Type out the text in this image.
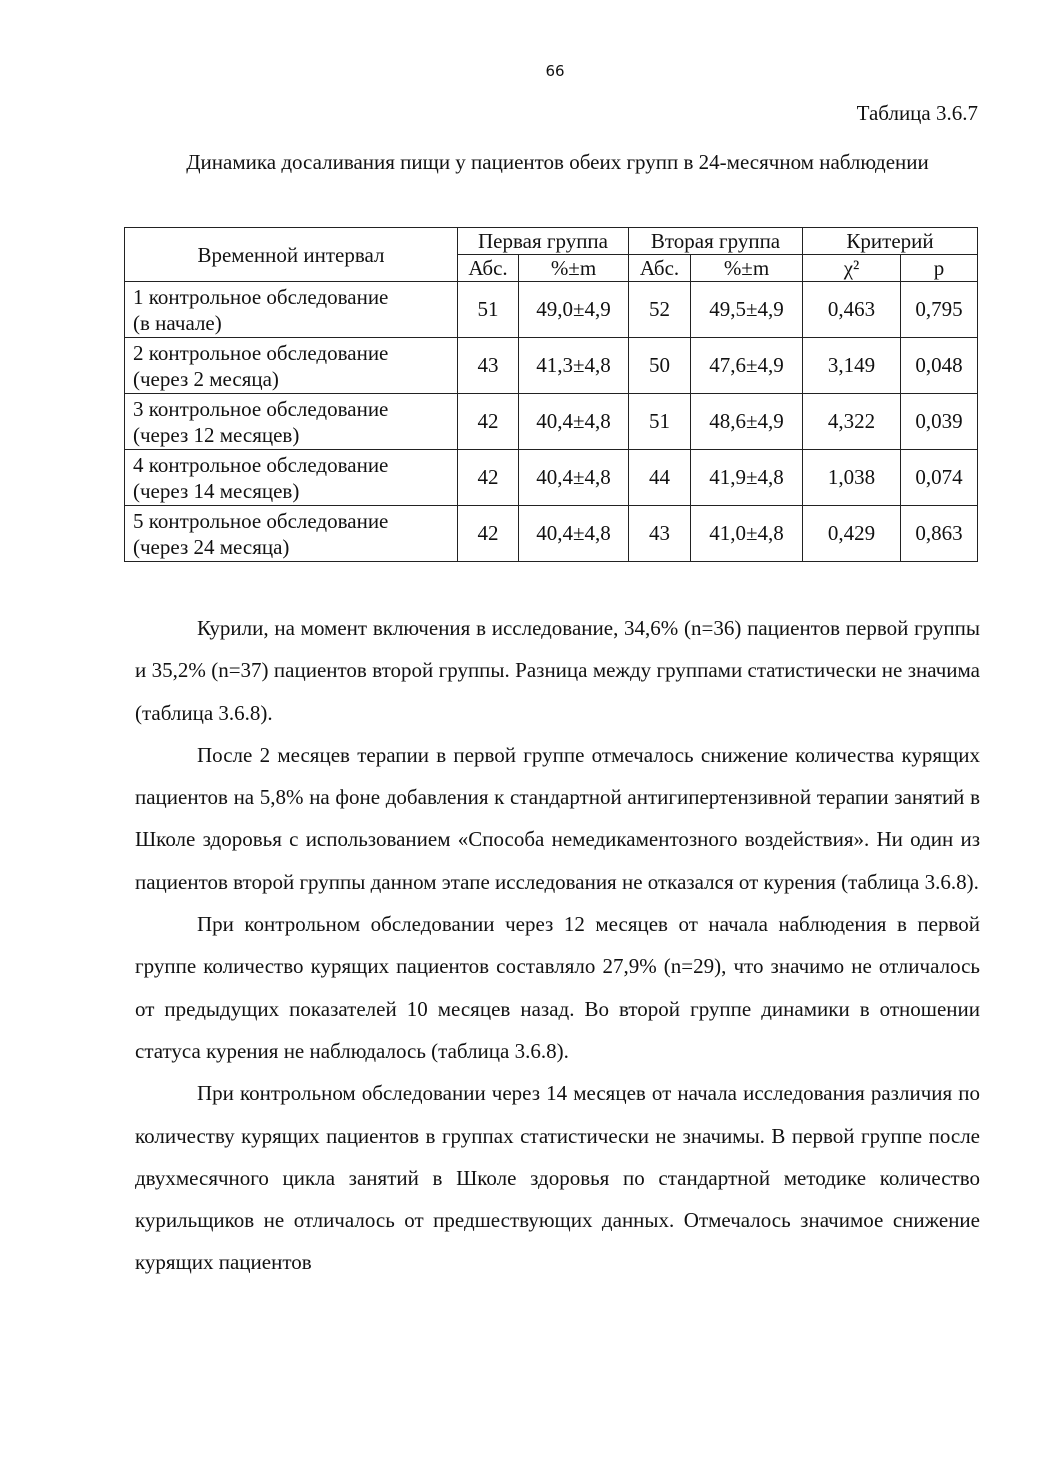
66
Таблица 3.6.7
Динамика досаливания пищи у пациентов обеих групп в 24-месячном наблюдении
Временной интервал	Первая группа		Вторая группа		Критерий	
	Абс.	%±m	Абс.	%±m	χ²	p
1 контрольное обследование
(в начале)	51	49,0±4,9	52	49,5±4,9	0,463	0,795
2 контрольное обследование
(через 2 месяца)	43	41,3±4,8	50	47,6±4,9	3,149	0,048
3 контрольное обследование
(через 12 месяцев)	42	40,4±4,8	51	48,6±4,9	4,322	0,039
4 контрольное обследование
(через 14 месяцев)	42	40,4±4,8	44	41,9±4,8	1,038	0,074
5 контрольное обследование
(через 24 месяца)	42	40,4±4,8	43	41,0±4,8	0,429	0,863

Курили, на момент включения в исследование, 34,6% (n=36) пациентов первой группы и 35,2% (n=37) пациентов второй группы. Разница между группами статистически не значима (таблица 3.6.8).

После 2 месяцев терапии в первой группе отмечалось снижение количества курящих пациентов на 5,8% на фоне добавления к стандартной антигипертензивной терапии занятий в Школе здоровья с использованием «Способа немедикаментозного воздействия». Ни один из пациентов второй группы данном этапе исследования не отказался от курения (таблица 3.6.8).

При контрольном обследовании через 12 месяцев от начала наблюдения в первой группе количество курящих пациентов составляло 27,9% (n=29), что значимо не отличалось от предыдущих показателей 10 месяцев назад. Во второй группе динамики в отношении статуса курения не наблюдалось (таблица 3.6.8).

При контрольном обследовании через 14 месяцев от начала исследования различия по количеству курящих пациентов в группах статистически не значимы. В первой группе после двухмесячного цикла занятий в Школе здоровья по стандартной методике количество курильщиков не отличалось от предшествующих данных. Отмечалось значимое снижение курящих пациентов
